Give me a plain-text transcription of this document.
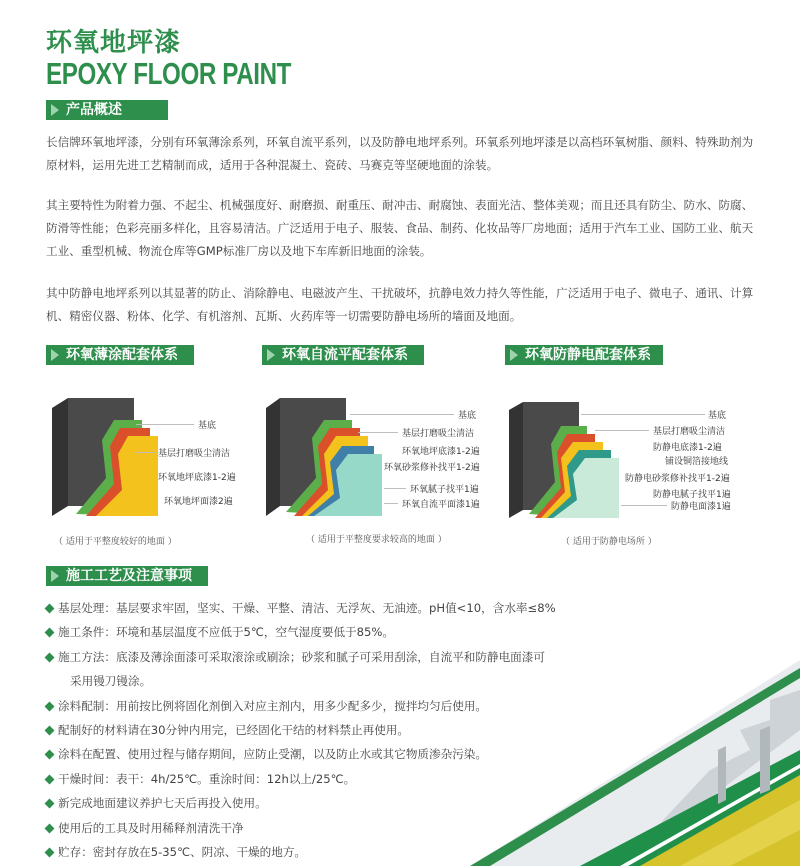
环氧地坪漆
EPOXY FLOOR PAINT
产品概述
长信牌环氧地坪漆，分别有环氧薄涂系列，环氧自流平系列，以及防静电地坪系列。环氧系列地坪漆是以高档环氧树脂、颜料、特殊助剂为原材料，运用先进工艺精制而成，适用于各种混凝土、瓷砖、马赛克等坚硬地面的涂装。
其主要特性为附着力强、不起尘、机械强度好、耐磨损、耐重压、耐冲击、耐腐蚀、表面光洁、整体美观；而且还具有防尘、防水、防腐、防滑等性能；色彩亮丽多样化，且容易清洁。广泛适用于电子、服装、食品、制药、化妆品等厂房地面；适用于汽车工业、国防工业、航天工业、重型机械、物流仓库等GMP标准厂房以及地下车库新旧地面的涂装。
其中防静电地坪系列以其显著的防止、消除静电、电磁波产生、干扰破坏，抗静电效力持久等性能，广泛适用于电子、微电子、通讯、计算机、精密仪器、粉体、化学、有机溶剂、瓦斯、火药库等一切需要防静电场所的墙面及地面。
环氧薄涂配套体系	环氧自流平配套体系	环氧防静电配套体系
基底
基层打磨吸尘清洁
环氧地坪底漆1-2遍
环氧地坪面漆2遍
（ 适用于平整度较好的地面 ）
基底
基层打磨吸尘清洁
环氧地坪底漆1-2遍
环氧砂浆修补找平1-2遍
环氧腻子找平1遍
环氧自流平面漆1遍
（ 适用于平整度要求较高的地面 ）
基底
基层打磨吸尘清洁
防静电底漆1-2遍
铺设铜箔接地线
防静电砂浆修补找平1-2遍
防静电腻子找平1遍
防静电面漆1遍
（ 适用于防静电场所 ）
施工工艺及注意事项
基层处理：基层要求牢固，坚实、干燥、平整、清洁、无浮灰、无油迹。pH值<10，含水率≤8%
施工条件：环境和基层温度不应低于5℃，空气湿度要低于85%。
施工方法：底漆及薄涂面漆可采取滚涂或刷涂；砂浆和腻子可采用刮涂，自流平和防静电面漆可
采用镘刀镘涂。
涂料配制：用前按比例将固化剂倒入对应主剂内，用多少配多少，搅拌均匀后使用。
配制好的材料请在30分钟内用完，已经固化干结的材料禁止再使用。
涂料在配置、使用过程与储存期间，应防止受潮，以及防止水或其它物质渗杂污染。
干燥时间：表干：4h/25℃。重涂时间：12h以上/25℃。
新完成地面建议养护七天后再投入使用。
使用后的工具及时用稀释剂清洗干净
贮存：密封存放在5-35℃、阴凉、干燥的地方。
